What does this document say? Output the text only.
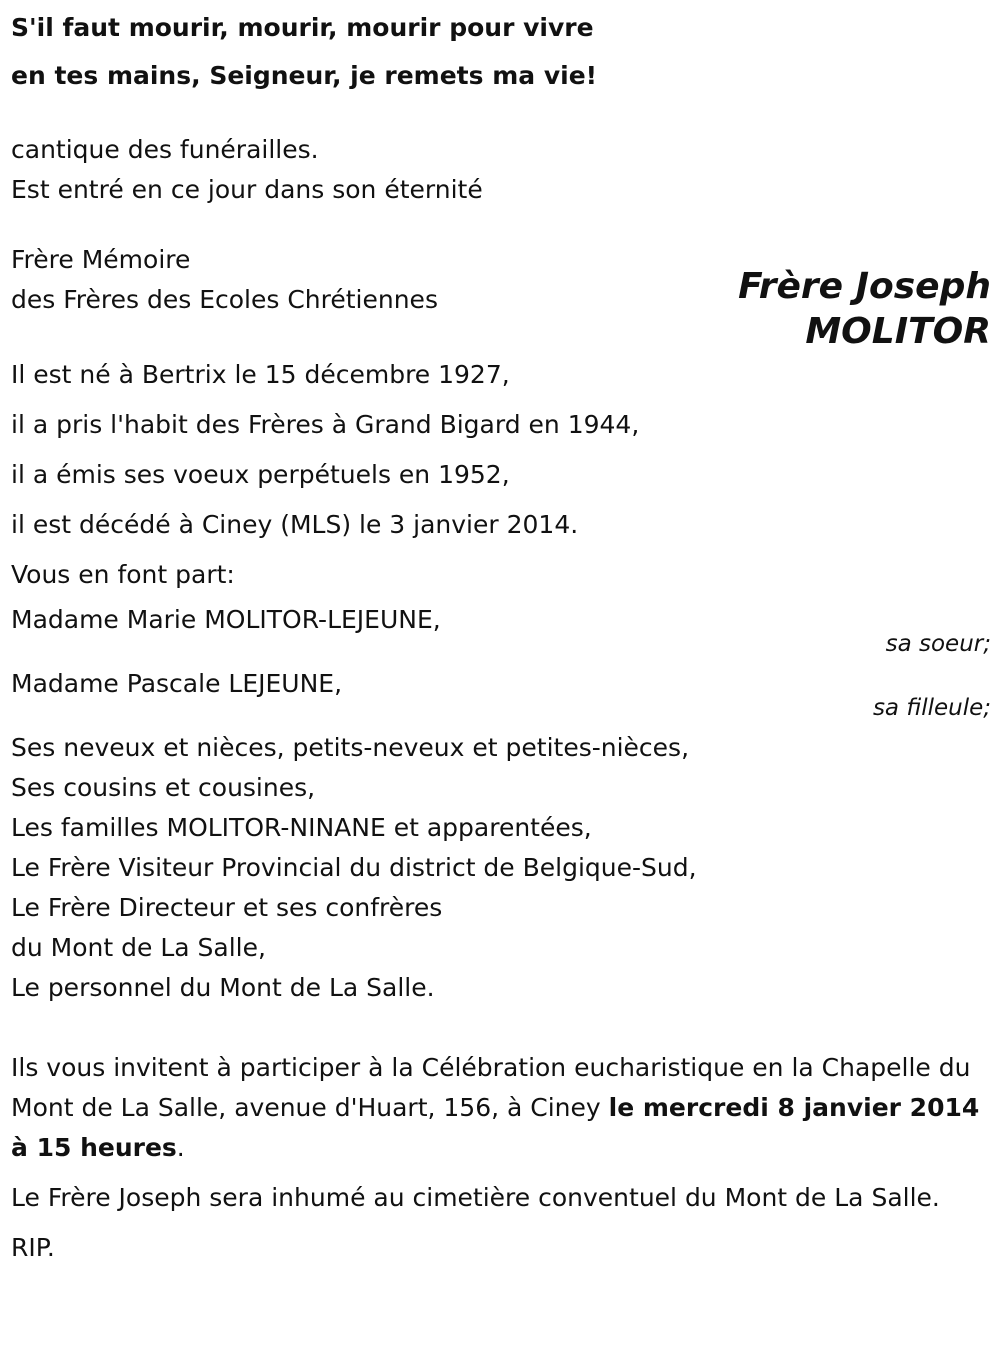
S'il faut mourir, mourir, mourir pour vivre
en tes mains, Seigneur, je remets ma vie!
cantique des funérailles.
Est entré en ce jour dans son éternité
Frère Mémoire
des Frères des Ecoles Chrétiennes
Il est né à Bertrix le 15 décembre 1927,
il a pris l'habit des Frères à Grand Bigard en 1944,
il a émis ses voeux perpétuels en 1952,
il est décédé à Ciney (MLS) le 3 janvier 2014.
Vous en font part:
Madame Marie MOLITOR-LEJEUNE,
sa soeur;
Madame Pascale LEJEUNE,
sa filleule;
Ses neveux et nièces, petits-neveux et petites-nièces,
Ses cousins et cousines,
Les familles MOLITOR-NINANE et apparentées,
Le Frère Visiteur Provincial du district de Belgique-Sud,
Le Frère Directeur et ses confrères
du Mont de La Salle,
Le personnel du Mont de La Salle.
Ils vous invitent à participer à la Célébration eucharistique en la Chapelle du Mont de La Salle, avenue d'Huart, 156, à Ciney le mercredi 8 janvier 2014 à 15 heures.
Le Frère Joseph sera inhumé au cimetière conventuel du Mont de La Salle.
RIP.
Frère Joseph
MOLITOR
